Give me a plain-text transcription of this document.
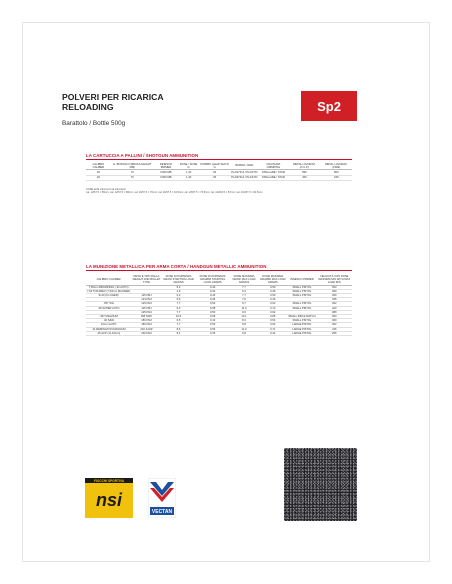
POLVERI PER RICARICA
RELOADING
Barattolo / Bottle 500g
Sp2
LA CARTUCCIA A PALLINI / SHOTGUN AMMUNITION
CALIBRO CALIBER	H. BOSSOLO (BRASS HEIGHT MM)	INNESCO PRIMER	DOSE / DOSE G	PIOMBO (LEAD SHOT) G	BORRA / WAD	CHIUSURA CRIMPING	METAL LAVORAZ. (C.U.P.)	METAL LAVORAZ. (FIRE)
20	70	F009 MB	1,40	26	PLASTICA / PLASTIC	STELLARE / STAR	590	800
20	70	F009 MB	1,40	25	PLASTICA / PLASTIC	STELLARE / STAR	460	625
CODE della colonna 6 da intendersi
cal. 12/67,5 = 58mm; cal. 12/67,5 = 68mm; cal. 20/67,5 = 70mm; cal. 20/67,5 = 64,5mm; cal. 28/67,5 = 70,5mm; cal. 410/63,5 = 57mm; cal. 410/67,5 = 60,5mm
LA MUNIZIONE METALLICA PER ARMA CORTA / HANDGUN METALLIC AMMUNITION
CALIBRO CALIBER	PESO E TIPO PALLA WEIGHT AND BULLET TYPE	DOSE DI PARTENZA GRANI STARTING LOAD GRAINS	DOSE DI PARTENZA GRAMMI STARTING LOAD GRAMS	DOSE MASSIMA GRANI MAX LOAD GRAINS	DOSE MASSIMA GRAMMI MAX LOAD GRAMS	INNESCO PRIMER	VELOCITÀ CON DOSE MASSIMA M/S WITH MAX LOAD M/S
7,65mm BROWNING (.32 AUTO)		6,2	0,40	7,7	0,50	SMALL PISTOL	453
7,62 TOKAREV (7,63mm MAUSER)		4,9	0,32	5,4	0,35	SMALL PISTOL	390
9x19 (9 LUGER)	115 FMJ	6,2	0,40	7,7	0,50	SMALL PISTOL	360
	124 FMJ	5,6	0,36	7,0	0,45		345
.357 SIG	125 FMJ	7,7	0,50	9,7	0,63	SMALL PISTOL	402
.38 SUPER AUTO	115 FMJ	9,0	0,58	11,0	0,72	SMALL PISTOL	420
	125 FMJ	7,7	0,50	9,6	0,62		389
.357 MAGNUM	158 SWC	10,5	0,68	13,1	0,85	SMALL RIFLE MATCH	394
.40 S&W	180 FMJ	6,5	0,42	8,3	0,54	SMALL PISTOL	309
10mm AUTO	180 FMJ	7,7	0,50	9,8	0,64	LARGE PISTOL	362
.44 REMINGTON MAGNUM	240 SJHP	8,6	0,56	11,0	0,71	LARGE PISTOL	346
.45 ACP (11,43mm)	230 FMJ	5,4	0,35	6,8	0,44	LARGE PISTOL	256
FIOCCHI SPORTIVA
nsi
VECTAN
